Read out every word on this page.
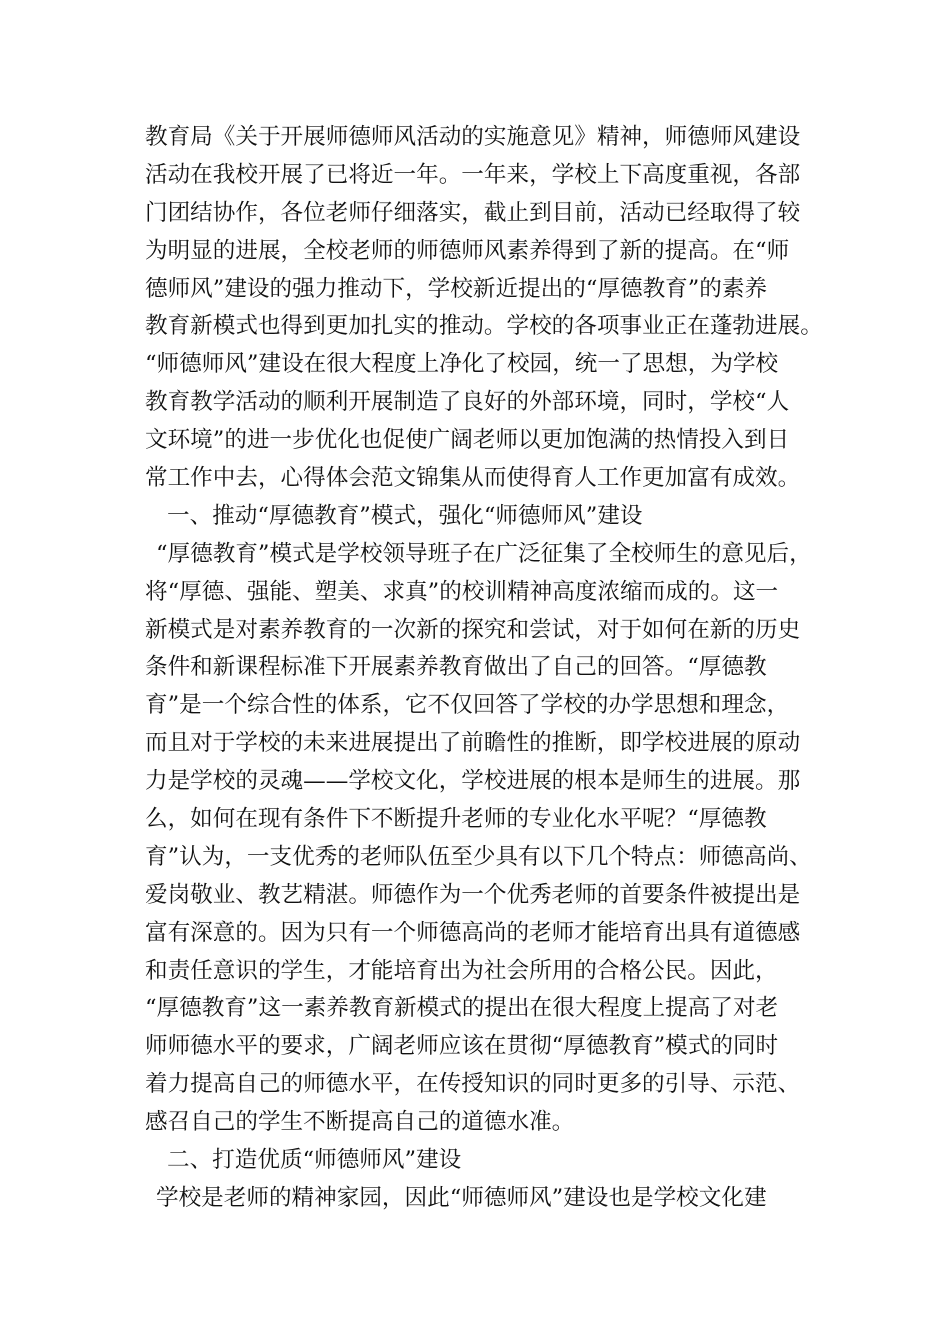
教育局《关于开展师德师风活动的实施意见》精神，师德师风建设
活动在我校开展了已将近一年。一年来，学校上下高度重视，各部
门团结协作，各位老师仔细落实，截止到目前，活动已经取得了较
为明显的进展，全校老师的师德师风素养得到了新的提高。在“师
德师风”建设的强力推动下，学校新近提出的“厚德教育”的素养
教育新模式也得到更加扎实的推动。学校的各项事业正在蓬勃进展。
“师德师风”建设在很大程度上净化了校园，统一了思想，为学校
教育教学活动的顺利开展制造了良好的外部环境，同时，学校“人
文环境”的进一步优化也促使广阔老师以更加饱满的热情投入到日
常工作中去，心得体会范文锦集从而使得育人工作更加富有成效。
一、推动“厚德教育”模式，强化“师德师风”建设
“厚德教育”模式是学校领导班子在广泛征集了全校师生的意见后，
将“厚德、强能、塑美、求真”的校训精神高度浓缩而成的。这一
新模式是对素养教育的一次新的探究和尝试，对于如何在新的历史
条件和新课程标准下开展素养教育做出了自己的回答。“厚德教
育”是一个综合性的体系，它不仅回答了学校的办学思想和理念，
而且对于学校的未来进展提出了前瞻性的推断，即学校进展的原动
力是学校的灵魂——学校文化，学校进展的根本是师生的进展。那
么，如何在现有条件下不断提升老师的专业化水平呢？“厚德教
育”认为，一支优秀的老师队伍至少具有以下几个特点：师德高尚、
爱岗敬业、教艺精湛。师德作为一个优秀老师的首要条件被提出是
富有深意的。因为只有一个师德高尚的老师才能培育出具有道德感
和责任意识的学生，才能培育出为社会所用的合格公民。因此，
“厚德教育”这一素养教育新模式的提出在很大程度上提高了对老
师师德水平的要求，广阔老师应该在贯彻“厚德教育”模式的同时
着力提高自己的师德水平，在传授知识的同时更多的引导、示范、
感召自己的学生不断提高自己的道德水准。
二、打造优质“师德师风”建设
学校是老师的精神家园，因此“师德师风”建设也是学校文化建
